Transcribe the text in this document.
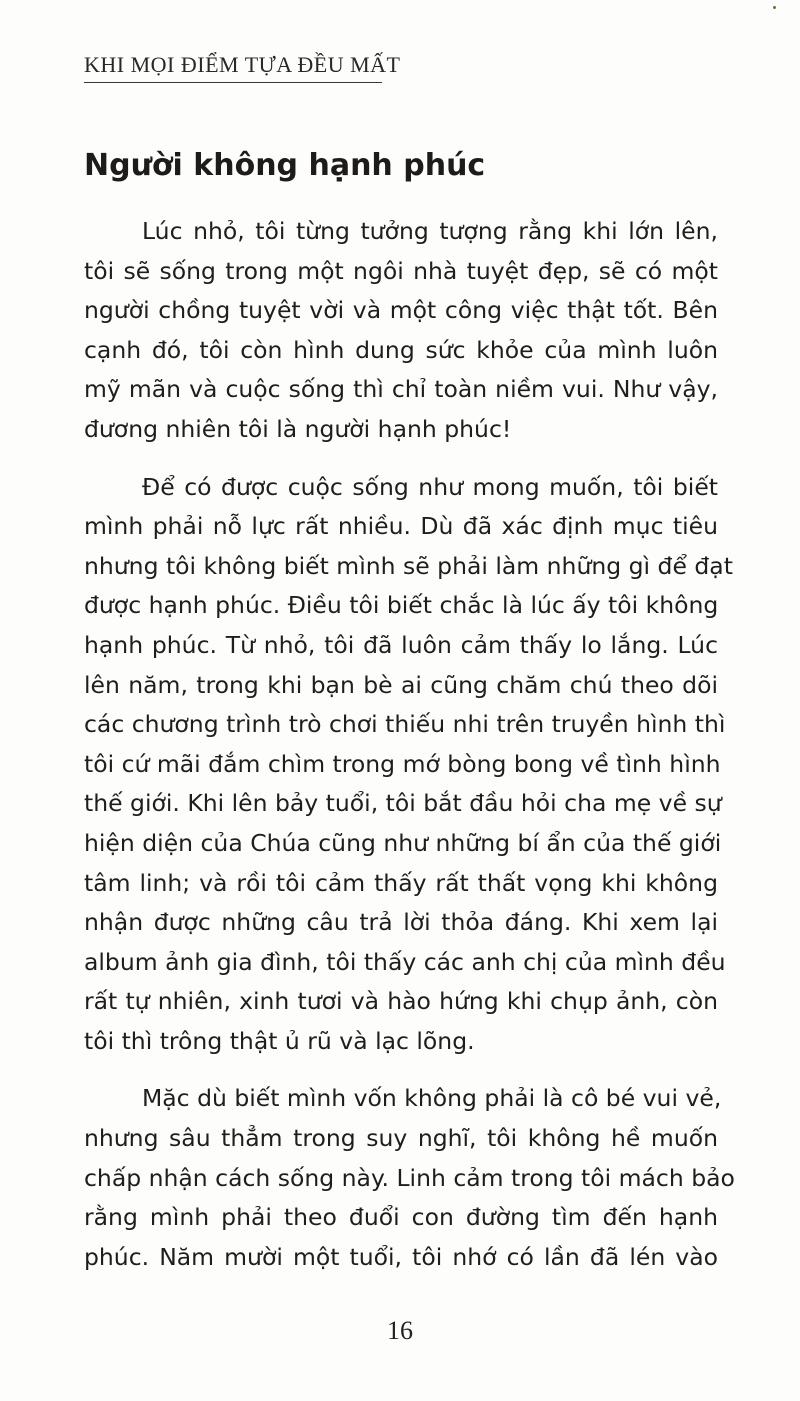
KHI MỌI ĐIỂM TỰA ĐỀU MẤT
Người không hạnh phúc
Lúc nhỏ, tôi từng tưởng tượng rằng khi lớn lên,
tôi sẽ sống trong một ngôi nhà tuyệt đẹp, sẽ có một
người chồng tuyệt vời và một công việc thật tốt. Bên
cạnh đó, tôi còn hình dung sức khỏe của mình luôn
mỹ mãn và cuộc sống thì chỉ toàn niềm vui. Như vậy,
đương nhiên tôi là người hạnh phúc!
Để có được cuộc sống như mong muốn, tôi biết
mình phải nỗ lực rất nhiều. Dù đã xác định mục tiêu
nhưng tôi không biết mình sẽ phải làm những gì để đạt
được hạnh phúc. Điều tôi biết chắc là lúc ấy tôi không
hạnh phúc. Từ nhỏ, tôi đã luôn cảm thấy lo lắng. Lúc
lên năm, trong khi bạn bè ai cũng chăm chú theo dõi
các chương trình trò chơi thiếu nhi trên truyền hình thì
tôi cứ mãi đắm chìm trong mớ bòng bong về tình hình
thế giới. Khi lên bảy tuổi, tôi bắt đầu hỏi cha mẹ về sự
hiện diện của Chúa cũng như những bí ẩn của thế giới
tâm linh; và rồi tôi cảm thấy rất thất vọng khi không
nhận được những câu trả lời thỏa đáng. Khi xem lại
album ảnh gia đình, tôi thấy các anh chị của mình đều
rất tự nhiên, xinh tươi và hào hứng khi chụp ảnh, còn
tôi thì trông thật ủ rũ và lạc lõng.
Mặc dù biết mình vốn không phải là cô bé vui vẻ,
nhưng sâu thẳm trong suy nghĩ, tôi không hề muốn
chấp nhận cách sống này. Linh cảm trong tôi mách bảo
rằng mình phải theo đuổi con đường tìm đến hạnh
phúc. Năm mười một tuổi, tôi nhớ có lần đã lén vào
16
